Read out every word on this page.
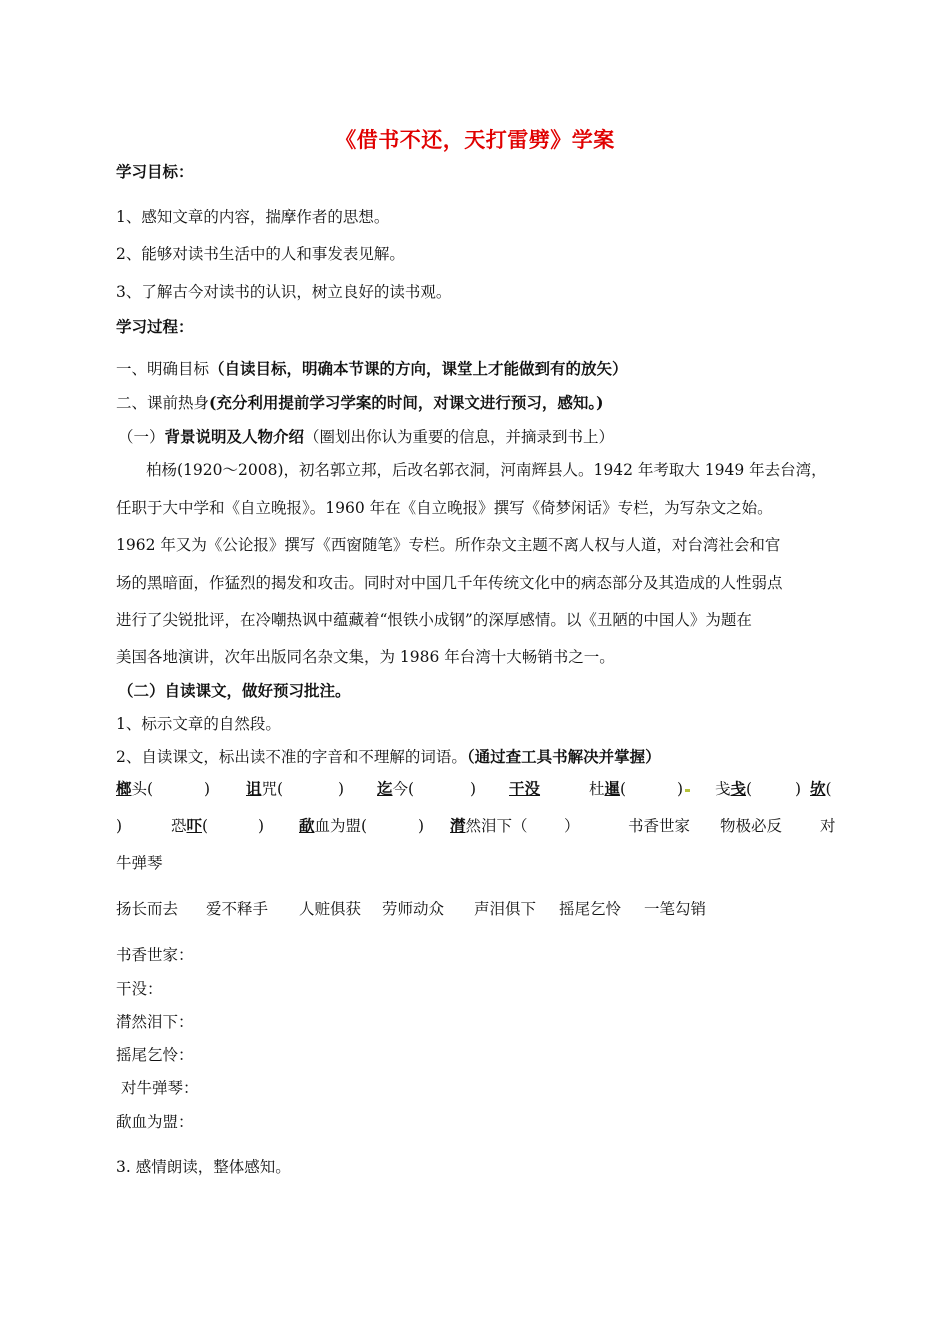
《借书不还，天打雷劈》学案
学习目标：
1、感知文章的内容，揣摩作者的思想。
2、能够对读书生活中的人和事发表见解。
3、了解古今对读书的认识，树立良好的读书观。
学习过程：
一、明确目标（自读目标，明确本节课的方向，课堂上才能做到有的放矢）
二、课前热身(充分利用提前学习学案的时间，对课文进行预习，感知。)
（一）背景说明及人物介绍（圈划出你认为重要的信息，并摘录到书上）
柏杨(1920～2008)，初名郭立邦，后改名郭衣洞，河南辉县人。1942 年考取大 1949 年去台湾，
任职于大中学和《自立晚报》。1960 年在《自立晚报》撰写《倚梦闲话》专栏，为写杂文之始。
1962 年又为《公论报》撰写《西窗随笔》专栏。所作杂文主题不离人权与人道，对台湾社会和官
场的黑暗面，作猛烈的揭发和攻击。同时对中国几千年传统文化中的病态部分及其造成的人性弱点
进行了尖锐批评，在冷嘲热讽中蕴藏着“恨铁小成钢”的深厚感情。以《丑陋的中国人》为题在
美国各地演讲，次年出版同名杂文集，为 1986 年台湾十大畅销书之一。
（二）自读课文，做好预习批注。
1、标示文章的自然段。
2、自读课文，标出读不准的字音和不理解的词语。（通过查工具书解决并掌握）
榔头(	) 诅咒(	) 迄今(	) 干没	杜暹(	)	戋戋(	) 欤(
)	恐吓(	) 歃血为盟(	) 潸然泪下（ ）	书香世家 物极必反 对
牛弹琴
扬长而去 爱不释手 人赃俱获 劳师动众 声泪俱下 摇尾乞怜 一笔勾销
书香世家：
干没：
潸然泪下：
摇尾乞怜：
对牛弹琴：
歃血为盟：
3. 感情朗读，整体感知。
